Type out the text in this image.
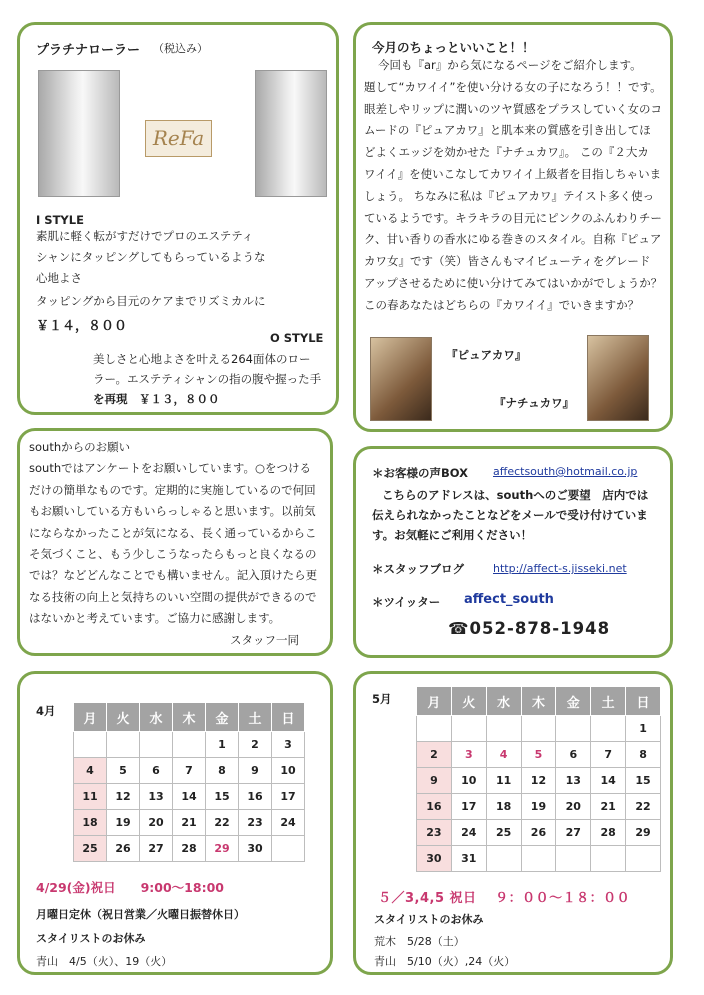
プラチナローラー （税込み）
ReFa
I STYLE
素肌に軽く転がすだけでプロのエステティ
シャンにタッピングしてもらっているような
心地よさ
タッピングから目元のケアまでリズミカルに
￥１４，８００
O STYLE
美しさと心地よさを叶える264面体のロー
ラー。エステティシャンの指の腹や握った手
を再現　￥１３，８００
今月のちょっといいこと！！
今回も『ar』から気になるページをご紹介します。
題して“カワイイ”を使い分ける女の子になろう！！です。
眼差しやリップに潤いのツヤ質感をプラスしていく女のコ
ムードの『ピュアカワ』と肌本来の質感を引き出してほ
どよくエッジを効かせた『ナチュカワ』。 この『２大カ
ワイイ』を使いこなしてカワイイ上級者を目指しちゃいま
しょう。 ちなみに私は『ピュアカワ』テイスト多く使っ
ているようです。キラキラの目元にピンクのふんわりチー
ク、甘い香りの香水にゆる巻きのスタイル。自称『ピュア
カワ女』です（笑）皆さんもマイビューティをグレード
アップさせるために使い分けてみてはいかがでしょうか？
この春あなたはどちらの『カワイイ』でいきますか？
『ピュアカワ』
『ナチュカワ』
southからのお願い
southではアンケートをお願いしています。○をつける
だけの簡単なものです。定期的に実施しているので何回
もお願いしている方もいらっしゃると思います。以前気
にならなかったことが気になる、長く通っているからこ
そ気づくこと、もう少しこうなったらもっと良くなるの
では？などどんなことでも構いません。記入頂けたら更
なる技術の向上と気持ちのいい空間の提供ができるので
はないかと考えています。ご協力に感謝します。
スタッフ一同
＊お客様の声BOX affectsouth@hotmail.co.jp
こちらのアドレスは、southへのご要望　店内では
伝えられなかったことなどをメールで受け付けていま
す。お気軽にご利用ください！
＊スタッフブログ	http://affect-s.jisseki.net
＊ツイッター affect_south
☎052-878-1948
4月
月	火	水	木	金	土	日
				1	2	3
4	5	6	7	8	9	10
11	12	13	14	15	16	17
18	19	20	21	22	23	24
25	26	27	28	29	30	
4/29(金)祝日　　9:00〜18:00
月曜日定休（祝日営業／火曜日振替休日）
スタイリストのお休み
青山　4/5（火）、19（火）
5月	月	火	水	木	金	土	日
						1
2	3	4	5	6	7	8
9	10	11	12	13	14	15
16	17	18	19	20	21	22
23	24	25	26	27	28	29
30	31					
５／3,4,5 祝日　 ９：００〜１８：００
スタイリストのお休み
荒木　5/28（土）
青山　5/10（火）,24（火）
